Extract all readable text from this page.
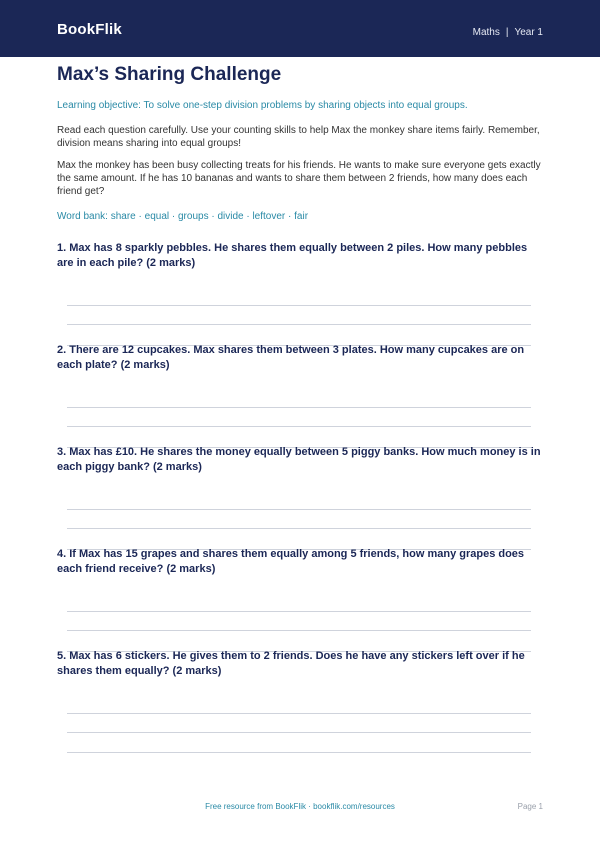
BookFlik	Maths | Year 1
Max’s Sharing Challenge

Learning objective: To solve one-step division problems by sharing objects into equal groups.

Read each question carefully. Use your counting skills to help Max the monkey share items fairly. Remember, division means sharing into equal groups!

Max the monkey has been busy collecting treats for his friends. He wants to make sure everyone gets exactly the same amount. If he has 10 bananas and wants to share them between 2 friends, how many does each friend get?

Word bank: share · equal · groups · divide · leftover · fair

1. Max has 8 sparkly pebbles. He shares them equally between 2 piles. How many pebbles are in each pile? (2 marks)

2. There are 12 cupcakes. Max shares them between 3 plates. How many cupcakes are on each plate? (2 marks)

3. Max has £10. He shares the money equally between 5 piggy banks. How much money is in each piggy bank? (2 marks)

4. If Max has 15 grapes and shares them equally among 5 friends, how many grapes does each friend receive? (2 marks)

5. Max has 6 stickers. He gives them to 2 friends. Does he have any stickers left over if he shares them equally? (2 marks)

Free resource from BookFlik · bookflik.com/resources	Page 1
